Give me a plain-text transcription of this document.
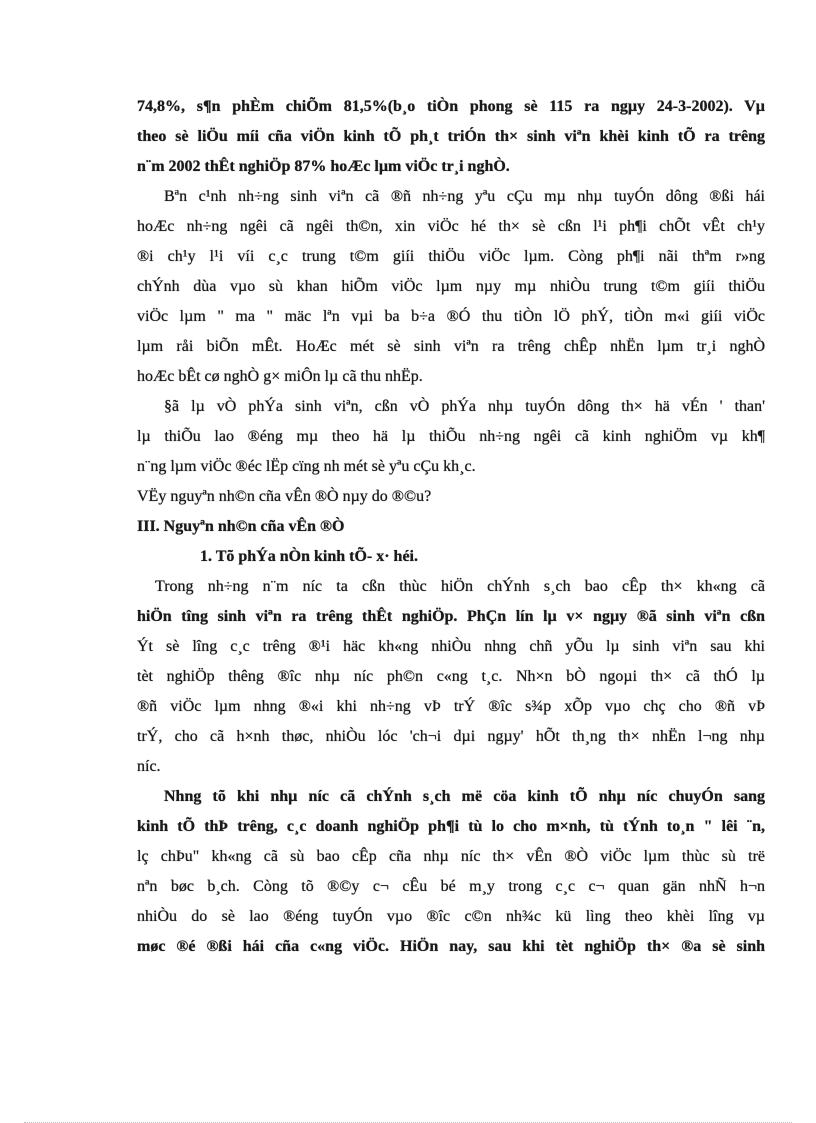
74,8%, s¶n phÈm chiÕm 81,5%(b¸o tiÒn phong sè 115 ra ngµy 24-3-2002). Vµ
theo sè liÖu míi cña viÖn kinh tÕ ph¸t triÓn th× sinh viªn khèi kinh tÕ ra trêng
n¨m 2002 thÊt nghiÖp 87% hoÆc lµm viÖc tr¸i nghÒ.
Bªn c¹nh nh÷ng sinh viªn cã ®ñ nh÷ng yªu cÇu mµ nhµ tuyÓn dông ®ßi hái
hoÆc nh÷ng ngêi cã ngêi th©n, xin viÖc hé th× sè cßn l¹i ph¶i chÕt vÊt ch¹y
®i ch¹y l¹i víi c¸c trung t©m giíi thiÖu viÖc lµm. Còng ph¶i nãi thªm r»ng
chÝnh dùa vµo sù khan hiÕm viÖc lµm nµy mµ nhiÒu trung t©m giíi thiÖu
viÖc lµm " ma " mäc lªn vµi ba b÷a ®Ó thu tiÒn lÖ phÝ, tiÒn m«i giíi viÖc
lµm råi biÕn mÊt. HoÆc mét sè sinh viªn ra trêng chÊp nhËn lµm tr¸i nghÒ
hoÆc bÊt cø nghÒ g× miÔn lµ cã thu nhËp.
§ã lµ vÒ phÝa sinh viªn, cßn vÒ phÝa nhµ tuyÓn dông th× hä vÉn ' than'
lµ thiÕu lao ®éng mµ theo hä lµ thiÕu nh÷ng ngêi cã kinh nghiÖm vµ kh¶
n¨ng lµm viÖc ®éc lËp cïng nh mét sè yªu cÇu kh¸c.
VËy nguyªn nh©n cña vÊn ®Ò nµy do ®©u?
III. Nguyªn nh©n cña vÊn ®Ò
1. Tõ phÝa nÒn kinh tÕ- x· héi.
Trong nh÷ng n¨m níc ta cßn thùc hiÖn chÝnh s¸ch bao cÊp th× kh«ng cã
hiÖn tîng sinh viªn ra trêng thÊt nghiÖp. PhÇn lín lµ v× ngµy ®ã sinh viªn cßn
Ýt sè lîng c¸c trêng ®¹i häc kh«ng nhiÒu nhng chñ yÕu lµ sinh viªn sau khi
tèt nghiÖp thêng ®îc nhµ níc ph©n c«ng t¸c. Nh×n bÒ ngoµi th× cã thÓ lµ
®ñ viÖc lµm nhng ®«i khi nh÷ng vÞ trÝ ®îc s¾p xÕp vµo chç cho ®ñ vÞ
trÝ, cho cã h×nh thøc, nhiÒu lóc 'ch¬i dµi ngµy' hÕt th¸ng th× nhËn l¬ng nhµ
níc.
Nhng tõ khi nhµ níc cã chÝnh s¸ch më cöa kinh tÕ nhµ níc chuyÓn sang
kinh tÕ thÞ trêng, c¸c doanh nghiÖp ph¶i tù lo cho m×nh, tù tÝnh to¸n " lêi ¨n,
lç chÞu" kh«ng cã sù bao cÊp cña nhµ níc th× vÊn ®Ò viÖc lµm thùc sù trë
nªn bøc b¸ch. Còng tõ ®©y c¬ cÊu bé m¸y trong c¸c c¬ quan gän nhÑ h¬n
nhiÒu do sè lao ®éng tuyÓn vµo ®îc c©n nh¾c kü lìng theo khèi lîng vµ
møc ®é ®ßi hái cña c«ng viÖc. HiÖn nay, sau khi tèt nghiÖp th× ®a sè sinh
